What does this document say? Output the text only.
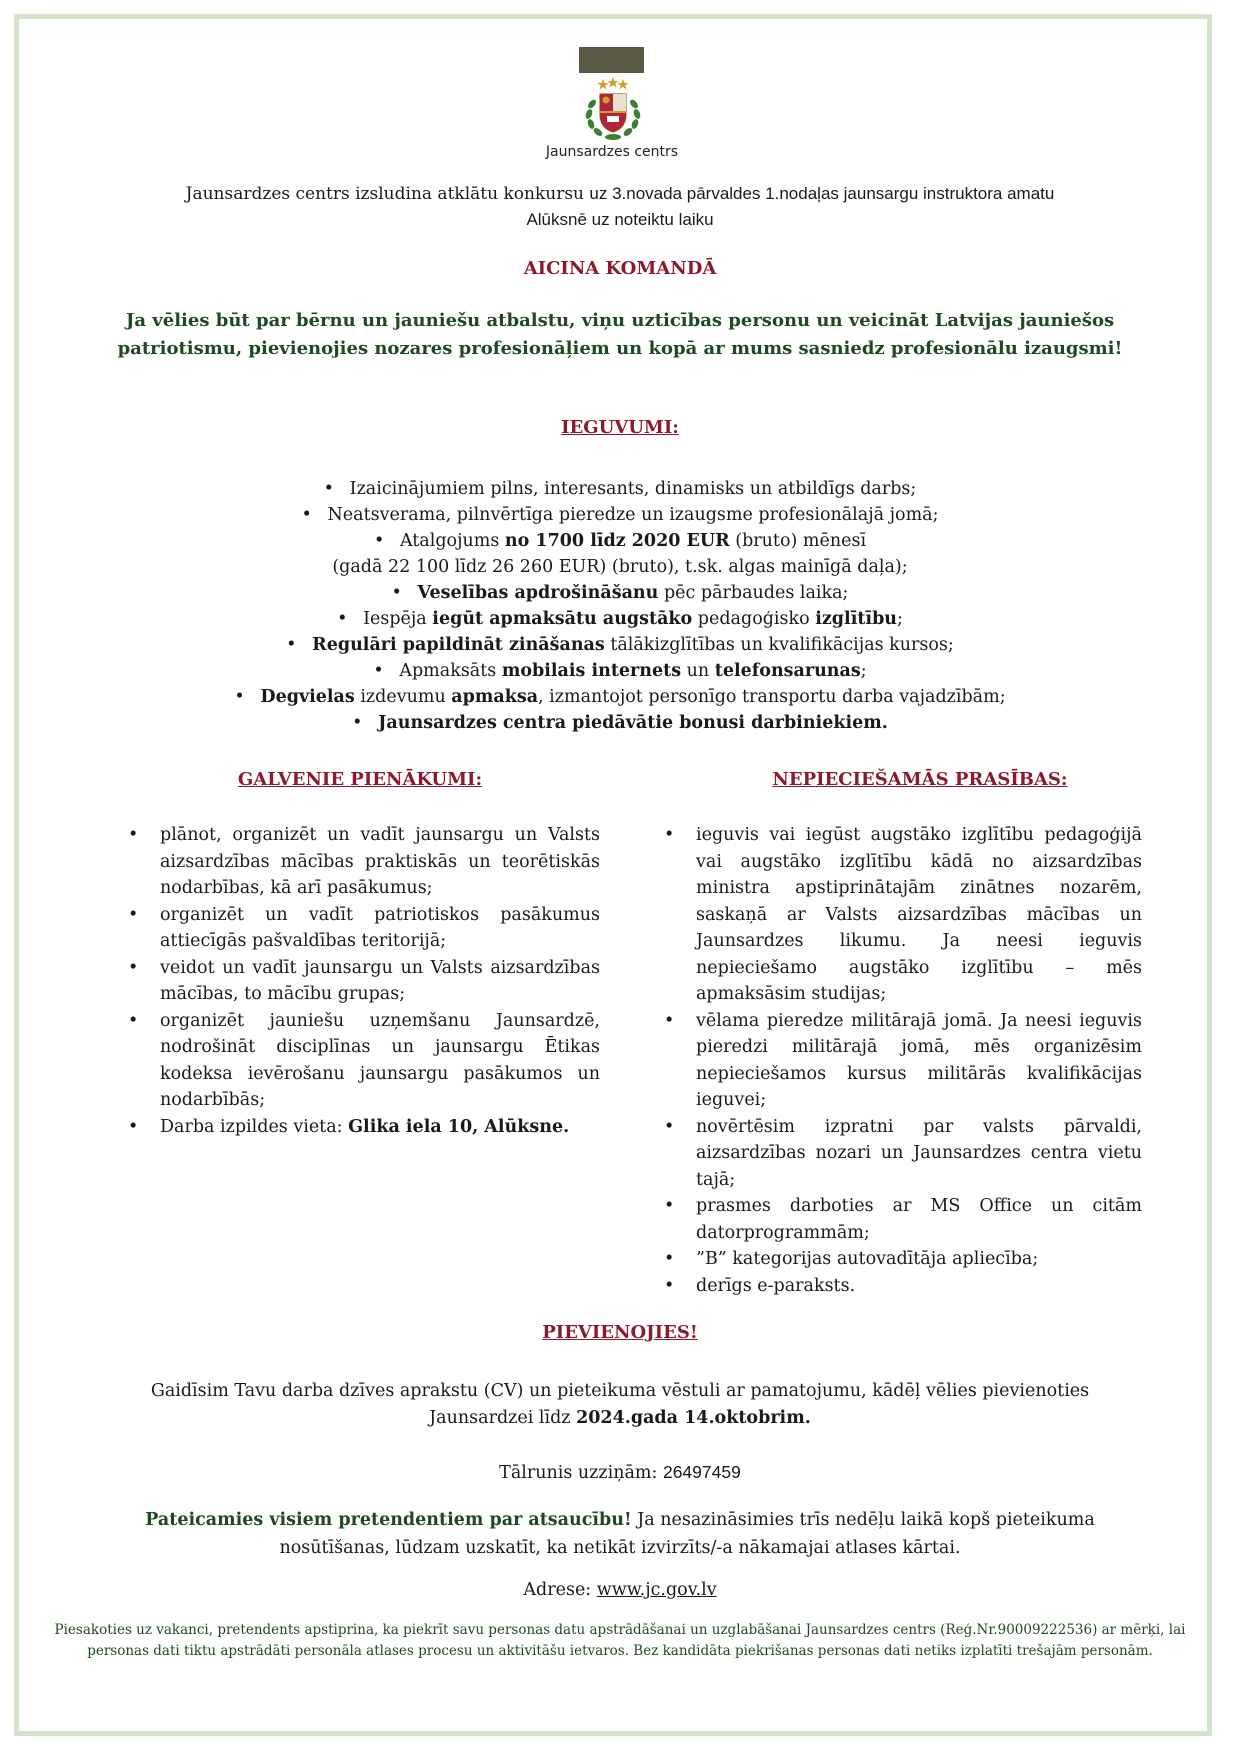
Jaunsardzes centrs
Jaunsardzes centrs izsludina atklātu konkursu uz 3.novada pārvaldes 1.nodaļas jaunsargu instruktora amatu
Alūksnē uz noteiktu laiku
AICINA KOMANDĀ
Ja vēlies būt par bērnu un jauniešu atbalstu, viņu uzticības personu un veicināt Latvijas jauniešos patriotismu, pievienojies nozares profesionāļiem un kopā ar mums sasniedz profesionālu izaugsmi!
IEGUVUMI:
• Izaicinājumiem pilns, interesants, dinamisks un atbildīgs darbs;
• Neatsverama, pilnvērtīga pieredze un izaugsme profesionālajā jomā;
• Atalgojums no 1700 līdz 2020 EUR (bruto) mēnesī
(gadā 22 100 līdz 26 260 EUR) (bruto), t.sk. algas mainīgā daļa);
• Veselības apdrošināšanu pēc pārbaudes laika;
• Iespēja iegūt apmaksātu augstāko pedagoģisko izglītību;
• Regulāri papildināt zināšanas tālākizglītības un kvalifikācijas kursos;
• Apmaksāts mobilais internets un telefonsarunas;
• Degvielas izdevumu apmaksa, izmantojot personīgo transportu darba vajadzībām;
• Jaunsardzes centra piedāvātie bonusi darbiniekiem.
GALVENIE PIENĀKUMI:
• plānot, organizēt un vadīt jaunsargu un Valsts aizsardzības mācības praktiskās un teorētiskās nodarbības, kā arī pasākumus;
• organizēt un vadīt patriotiskos pasākumus attiecīgās pašvaldības teritorijā;
• veidot un vadīt jaunsargu un Valsts aizsardzības mācības, to mācību grupas;
• organizēt jauniešu uzņemšanu Jaunsardzē, nodrošināt disciplīnas un jaunsargu Ētikas kodeksa ievērošanu jaunsargu pasākumos un nodarbībās;
• Darba izpildes vieta: Glika iela 10, Alūksne.
NEPIECIEŠAMĀS PRASĪBAS:
• ieguvis vai iegūst augstāko izglītību pedagoģijā vai augstāko izglītību kādā no aizsardzības ministra apstiprinātajām zinātnes nozarēm, saskaņā ar Valsts aizsardzības mācības un Jaunsardzes likumu. Ja neesi ieguvis nepieciešamo augstāko izglītību – mēs apmaksāsim studijas;
• vēlama pieredze militārajā jomā. Ja neesi ieguvis pieredzi militārajā jomā, mēs organizēsim nepieciešamos kursus militārās kvalifikācijas ieguvei;
• novērtēsim izpratni par valsts pārvaldi, aizsardzības nozari un Jaunsardzes centra vietu tajā;
• prasmes darboties ar MS Office un citām datorprogrammām;
• ”B” kategorijas autovadītāja apliecība;
• derīgs e-paraksts.
PIEVIENOJIES!
Gaidīsim Tavu darba dzīves aprakstu (CV) un pieteikuma vēstuli ar pamatojumu, kādēļ vēlies pievienoties Jaunsardzei līdz 2024.gada 14.oktobrim.
Tālrunis uzziņām: 26497459
Pateicamies visiem pretendentiem par atsaucību! Ja nesazināsimies trīs nedēļu laikā kopš pieteikuma nosūtīšanas, lūdzam uzskatīt, ka netikāt izvirzīts/-a nākamajai atlases kārtai.
Adrese: www.jc.gov.lv
Piesakoties uz vakanci, pretendents apstiprina, ka piekrīt savu personas datu apstrādāšanai un uzglabāšanai Jaunsardzes centrs (Reģ.Nr.90009222536) ar mērķi, lai personas dati tiktu apstrādāti personāla atlases procesu un aktivitāšu ietvaros. Bez kandidāta piekrišanas personas dati netiks izplatīti trešajām personām.
